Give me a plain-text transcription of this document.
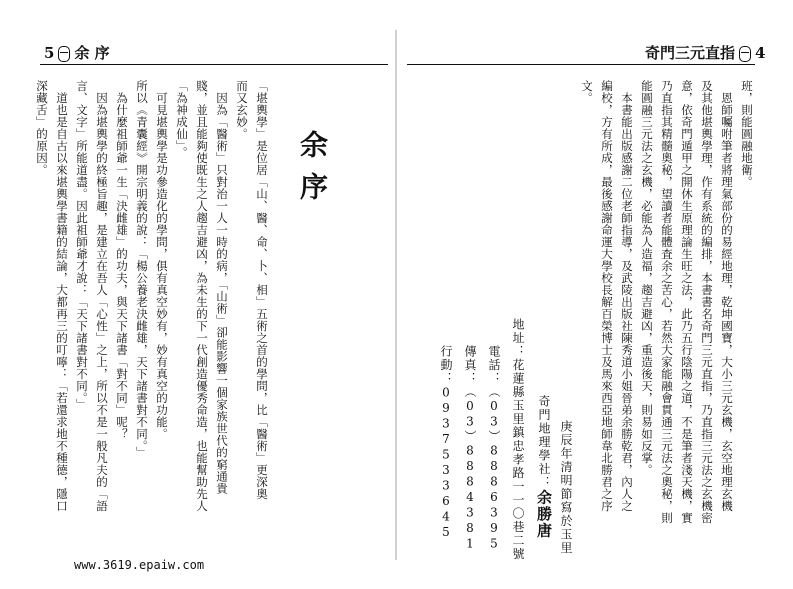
5 余 序
余
序
「堪輿學」是位居「山、醫、命、卜、相」五術之首的學問，比「醫術」更深奧
而又玄妙。
　因為「醫術」只對治一人一時的病，「山術」卻能影響一個家族世代的窮通貴
賤，並且能夠使既生之人趨吉避凶，為未生的下一代創造優秀命造，也能幫助先人
「為神成仙」。
　可見堪輿學是功參造化的學問，俱有真空妙有，妙有真空的功能。
所以《青囊經》開宗明義的說：「楊公養老決雌雄，天下諸書對不同。」
　為什麼祖師爺一生「決雌雄」的功夫，與天下諸書「對不同」呢？
　因為堪輿學的終極旨趣，是建立在吾人「心性」之上，所以不是一般凡夫的「語
言、文字」所能道盡。因此祖師爺才說：「天下諸書對不同。」
　道也是自古以來堪輿學書籍的結論，大都再三的叮嚀：「若還求地不種德，隱口
深藏舌」的原因。
www.3619.epaiw.com
奇門三元直指 4
班，則能圓融地衛。
　恩師囑咐筆者將理氣部份的易經地理，乾坤國寶，大小三元玄機，玄空地理玄機
及其他堪輿學理，作有系統的編排，本書書名奇門三元直指，乃直指三元法之玄機密
意，依奇門遁甲之開休生原理論生旺之法，此乃五行陰陽之道，不是筆者淺天機，實
乃直指其精髓奧秘，望讀者能體査余之苦心，若然大家能融會貫通三元法之奧秘，則
能圓融三元法之玄機，必能為人造福，趨吉避凶，重造後天，則易如反掌。
　本書能出版感謝二位老師指導，及武陵出版社陳秀道小姐晉弟余勝乾君，內人之
編校，方有所成，最後感謝命運大學校長解百榮博士及馬來西亞地師韋北勝君之序
文。
庚辰年清明節寫於玉里
奇門地理學社：余勝唐
地址：花蓮縣玉里鎮忠孝路一一〇巷二號
電話：（03）8886395
傳真：（03）8884381
行動：0937533645
